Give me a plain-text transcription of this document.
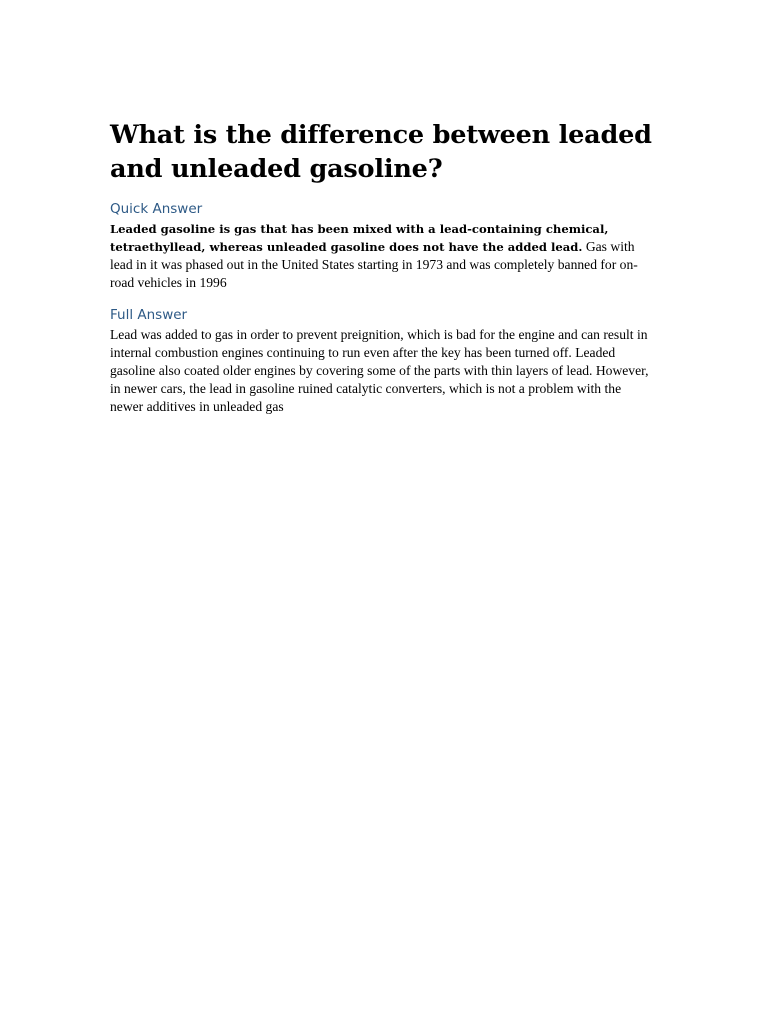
What is the difference between leaded and unleaded gasoline?
Quick Answer

Leaded gasoline is gas that has been mixed with a lead-containing chemical, tetraethyllead, whereas unleaded gasoline does not have the added lead. Gas with lead in it was phased out in the United States starting in 1973 and was completely banned for on-road vehicles in 1996

Full Answer

Lead was added to gas in order to prevent preignition, which is bad for the engine and can result in internal combustion engines continuing to run even after the key has been turned off. Leaded gasoline also coated older engines by covering some of the parts with thin layers of lead. However, in newer cars, the lead in gasoline ruined catalytic converters, which is not a problem with the newer additives in unleaded gas
